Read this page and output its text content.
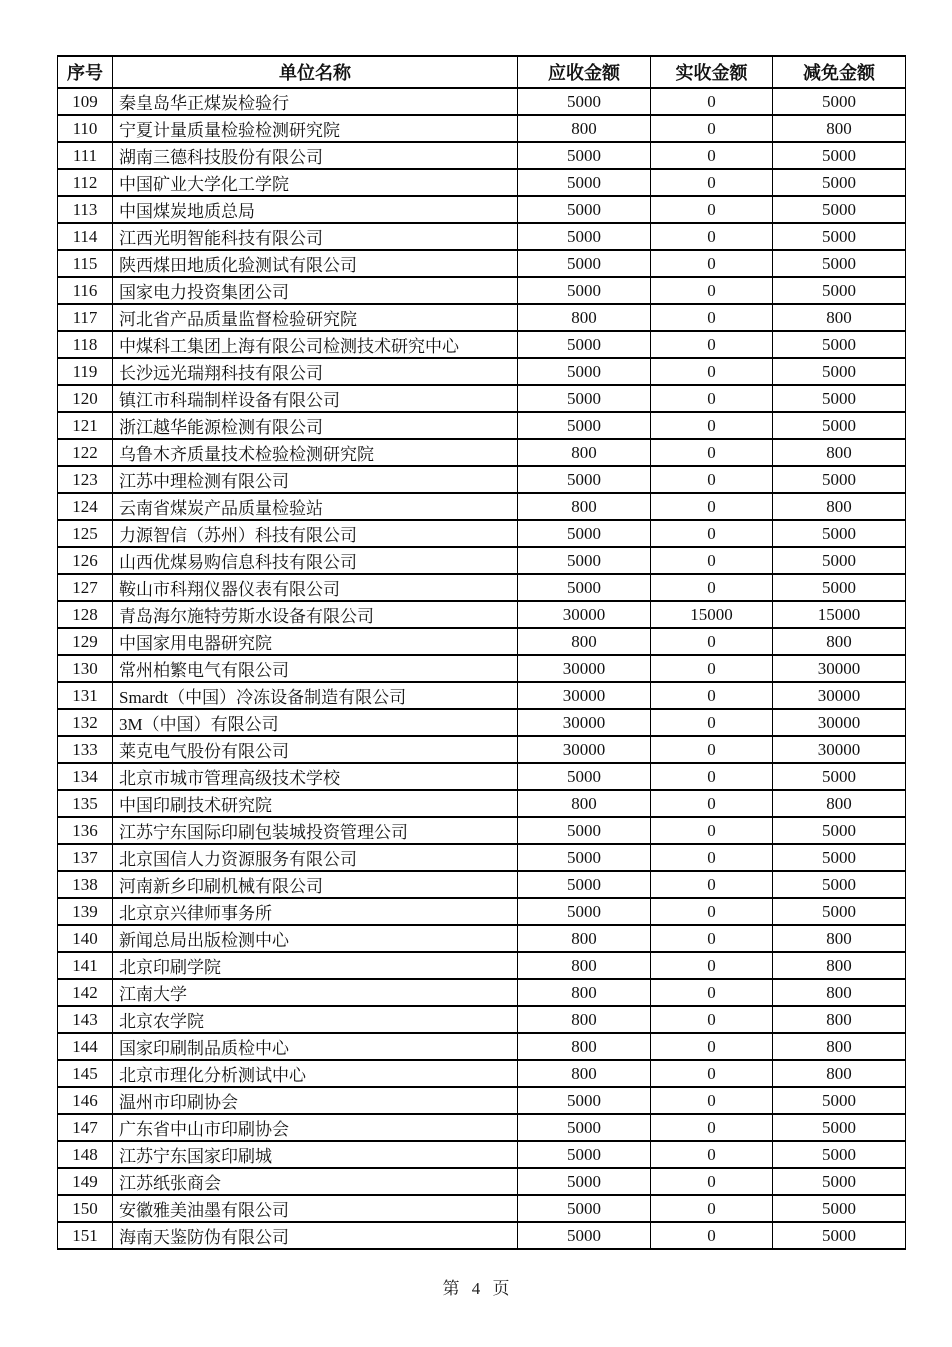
序号	单位名称	应收金额	实收金额	减免金额
109	秦皇岛华正煤炭检验行	5000	0	5000
110	宁夏计量质量检验检测研究院	800	0	800
111	湖南三德科技股份有限公司	5000	0	5000
112	中国矿业大学化工学院	5000	0	5000
113	中国煤炭地质总局	5000	0	5000
114	江西光明智能科技有限公司	5000	0	5000
115	陕西煤田地质化验测试有限公司	5000	0	5000
116	国家电力投资集团公司	5000	0	5000
117	河北省产品质量监督检验研究院	800	0	800
118	中煤科工集团上海有限公司检测技术研究中心	5000	0	5000
119	长沙远光瑞翔科技有限公司	5000	0	5000
120	镇江市科瑞制样设备有限公司	5000	0	5000
121	浙江越华能源检测有限公司	5000	0	5000
122	乌鲁木齐质量技术检验检测研究院	800	0	800
123	江苏中理检测有限公司	5000	0	5000
124	云南省煤炭产品质量检验站	800	0	800
125	力源智信（苏州）科技有限公司	5000	0	5000
126	山西优煤易购信息科技有限公司	5000	0	5000
127	鞍山市科翔仪器仪表有限公司	5000	0	5000
128	青岛海尔施特劳斯水设备有限公司	30000	15000	15000
129	中国家用电器研究院	800	0	800
130	常州柏繁电气有限公司	30000	0	30000
131	Smardt（中国）冷冻设备制造有限公司	30000	0	30000
132	3M（中国）有限公司	30000	0	30000
133	莱克电气股份有限公司	30000	0	30000
134	北京市城市管理高级技术学校	5000	0	5000
135	中国印刷技术研究院	800	0	800
136	江苏宁东国际印刷包装城投资管理公司	5000	0	5000
137	北京国信人力资源服务有限公司	5000	0	5000
138	河南新乡印刷机械有限公司	5000	0	5000
139	北京京兴律师事务所	5000	0	5000
140	新闻总局出版检测中心	800	0	800
141	北京印刷学院	800	0	800
142	江南大学	800	0	800
143	北京农学院	800	0	800
144	国家印刷制品质检中心	800	0	800
145	北京市理化分析测试中心	800	0	800
146	温州市印刷协会	5000	0	5000
147	广东省中山市印刷协会	5000	0	5000
148	江苏宁东国家印刷城	5000	0	5000
149	江苏纸张商会	5000	0	5000
150	安徽雅美油墨有限公司	5000	0	5000
151	海南天鉴防伪有限公司	5000	0	5000
第 4 页
